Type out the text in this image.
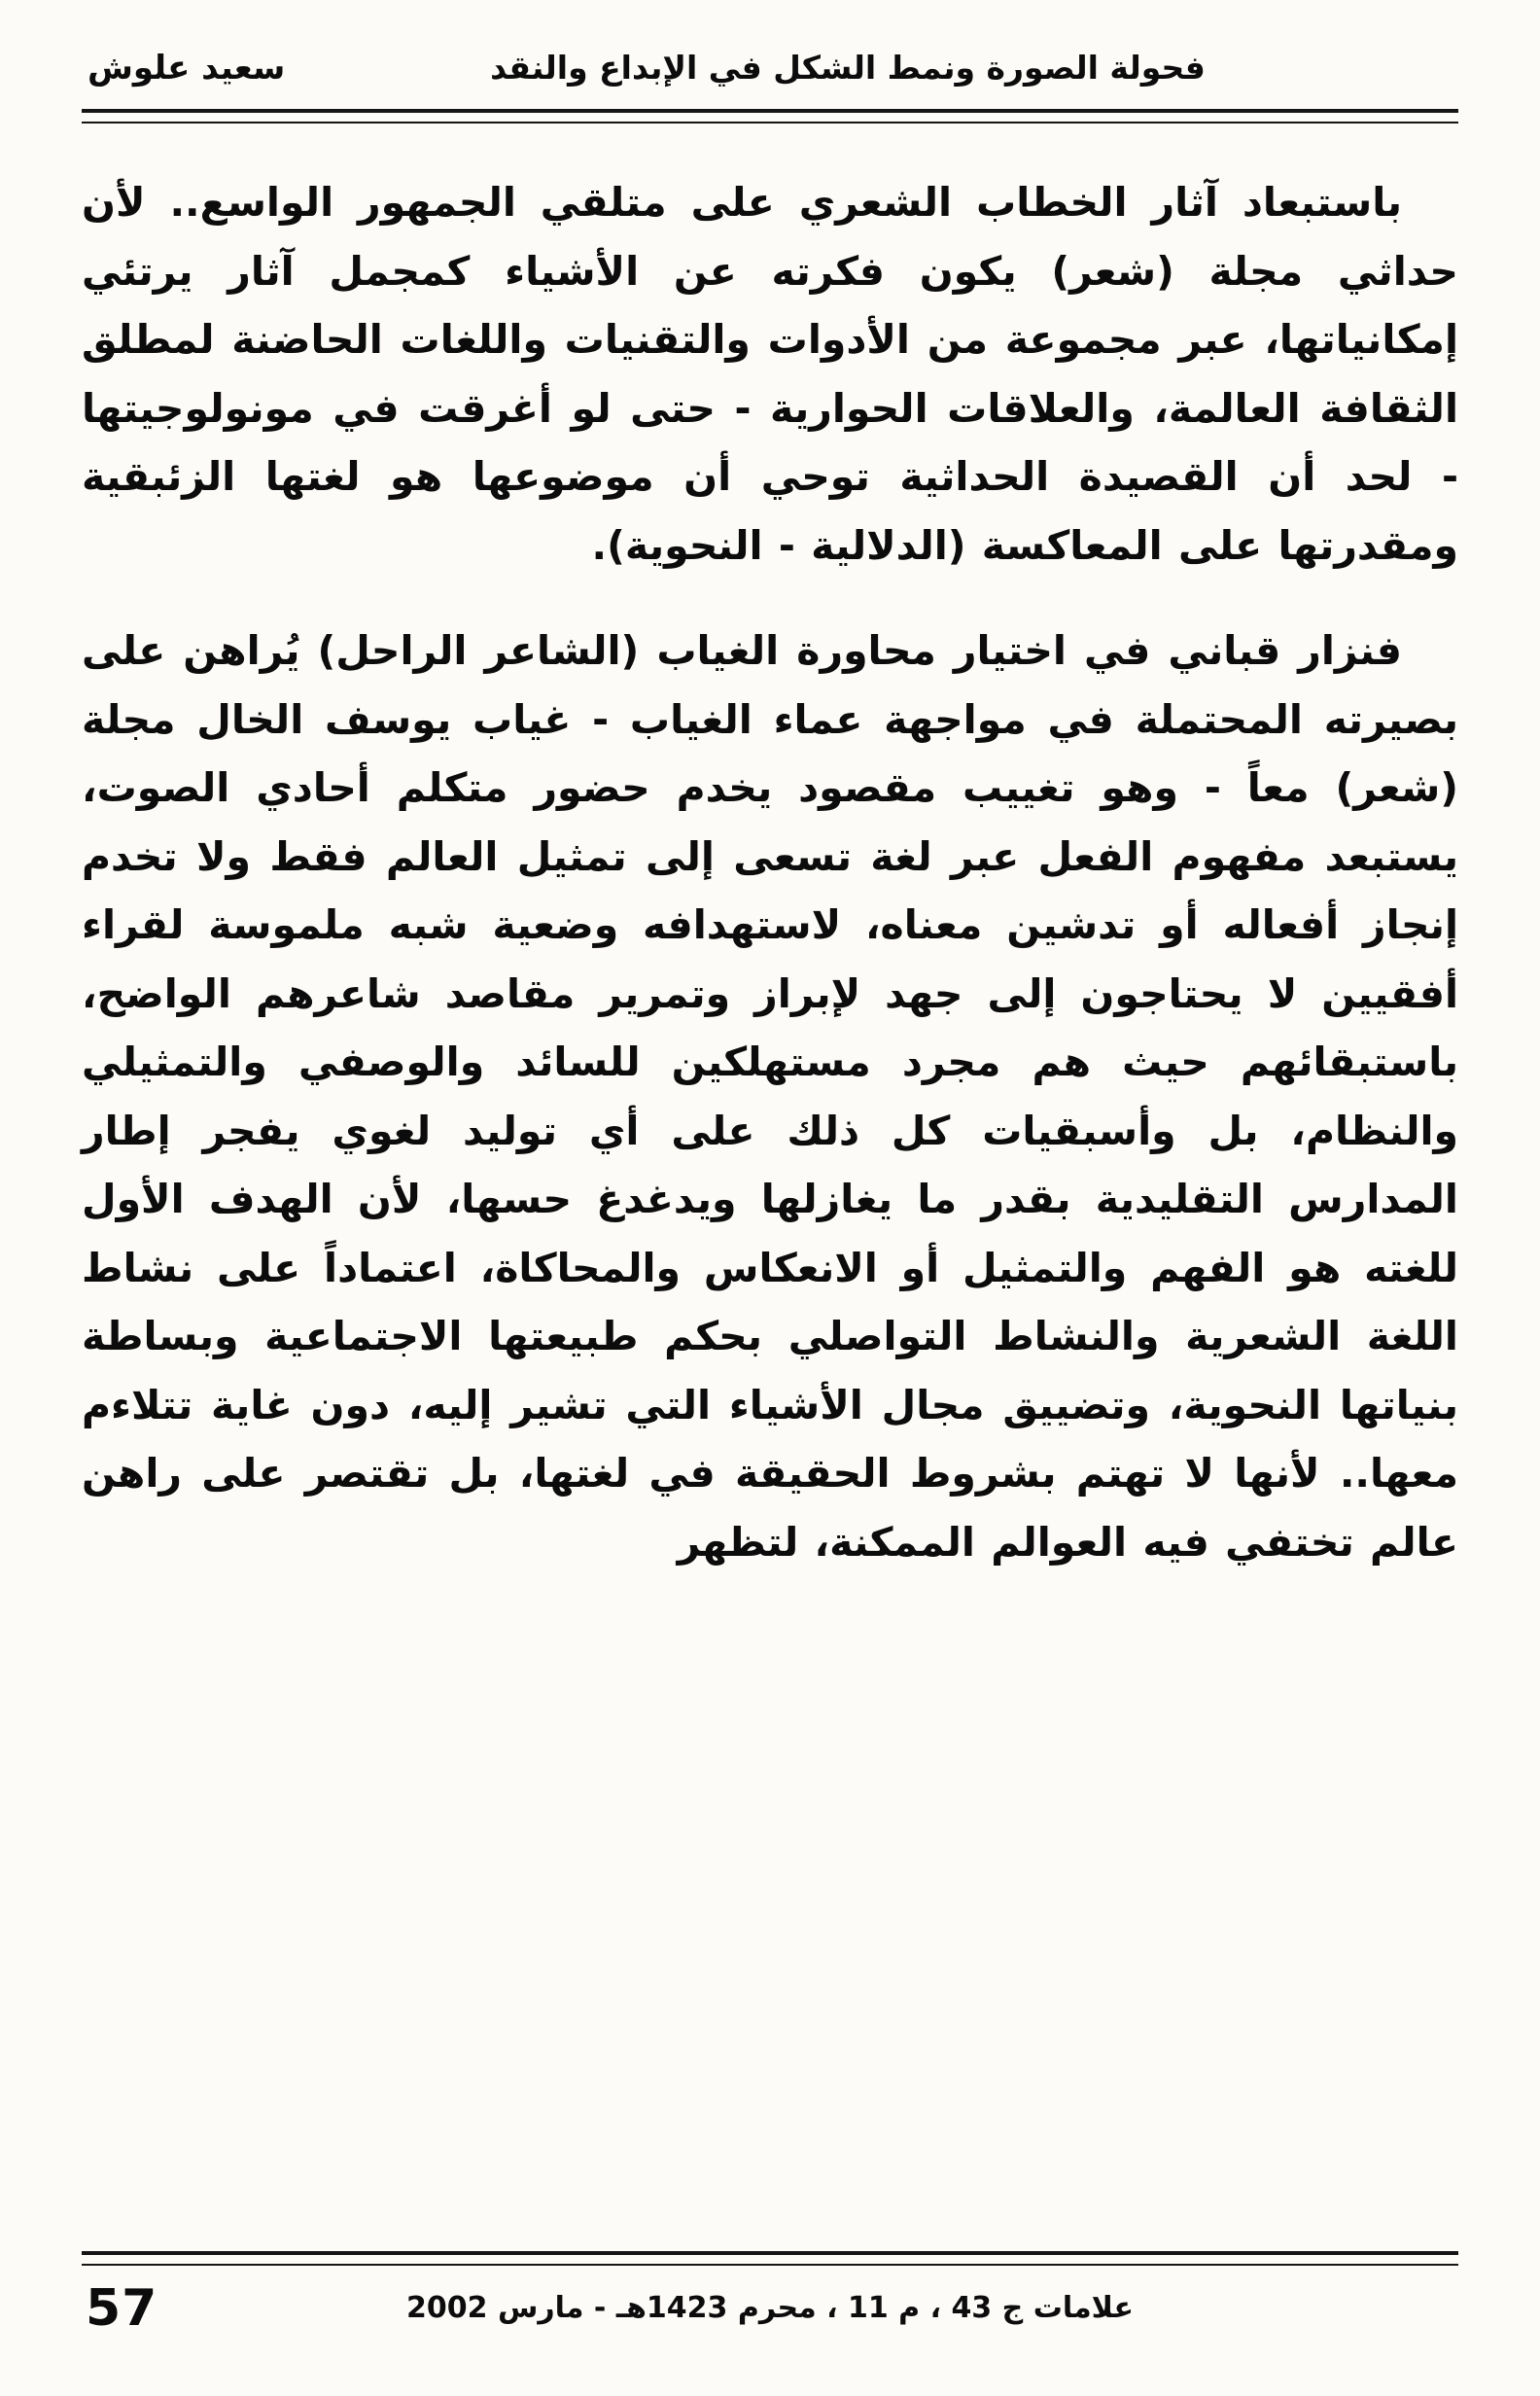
فحولة الصورة ونمط الشكل في الإبداع والنقد
سعيد علوش

باستبعاد آثار الخطاب الشعري على متلقي الجمهور الواسع.. لأن حداثي مجلة (شعر) يكون فكرته عن الأشياء كمجمل آثار يرتئي إمكانياتها، عبر مجموعة من الأدوات والتقنيات واللغات الحاضنة لمطلق الثقافة العالمة، والعلاقات الحوارية - حتى لو أغرقت في مونولوجيتها - لحد أن القصيدة الحداثية توحي أن موضوعها هو لغتها الزئبقية ومقدرتها على المعاكسة (الدلالية - النحوية).

فنزار قباني في اختيار محاورة الغياب (الشاعر الراحل) يُراهن على بصيرته المحتملة في مواجهة عماء الغياب - غياب يوسف الخال مجلة (شعر) معاً - وهو تغييب مقصود يخدم حضور متكلم أحادي الصوت، يستبعد مفهوم الفعل عبر لغة تسعى إلى تمثيل العالم فقط ولا تخدم إنجاز أفعاله أو تدشين معناه، لاستهدافه وضعية شبه ملموسة لقراء أفقيين لا يحتاجون إلى جهد لإبراز وتمرير مقاصد شاعرهم الواضح، باستبقائهم حيث هم مجرد مستهلكين للسائد والوصفي والتمثيلي والنظام، بل وأسبقيات كل ذلك على أي توليد لغوي يفجر إطار المدارس التقليدية بقدر ما يغازلها ويدغدغ حسها، لأن الهدف الأول للغته هو الفهم والتمثيل أو الانعكاس والمحاكاة، اعتماداً على نشاط اللغة الشعرية والنشاط التواصلي بحكم طبيعتها الاجتماعية وبساطة بنياتها النحوية، وتضييق مجال الأشياء التي تشير إليه، دون غاية تتلاءم معها.. لأنها لا تهتم بشروط الحقيقة في لغتها، بل تقتصر على راهن عالم تختفي فيه العوالم الممكنة، لتظهر

علامات ج 43 ، م 11 ، محرم 1423هـ - مارس 2002
57
